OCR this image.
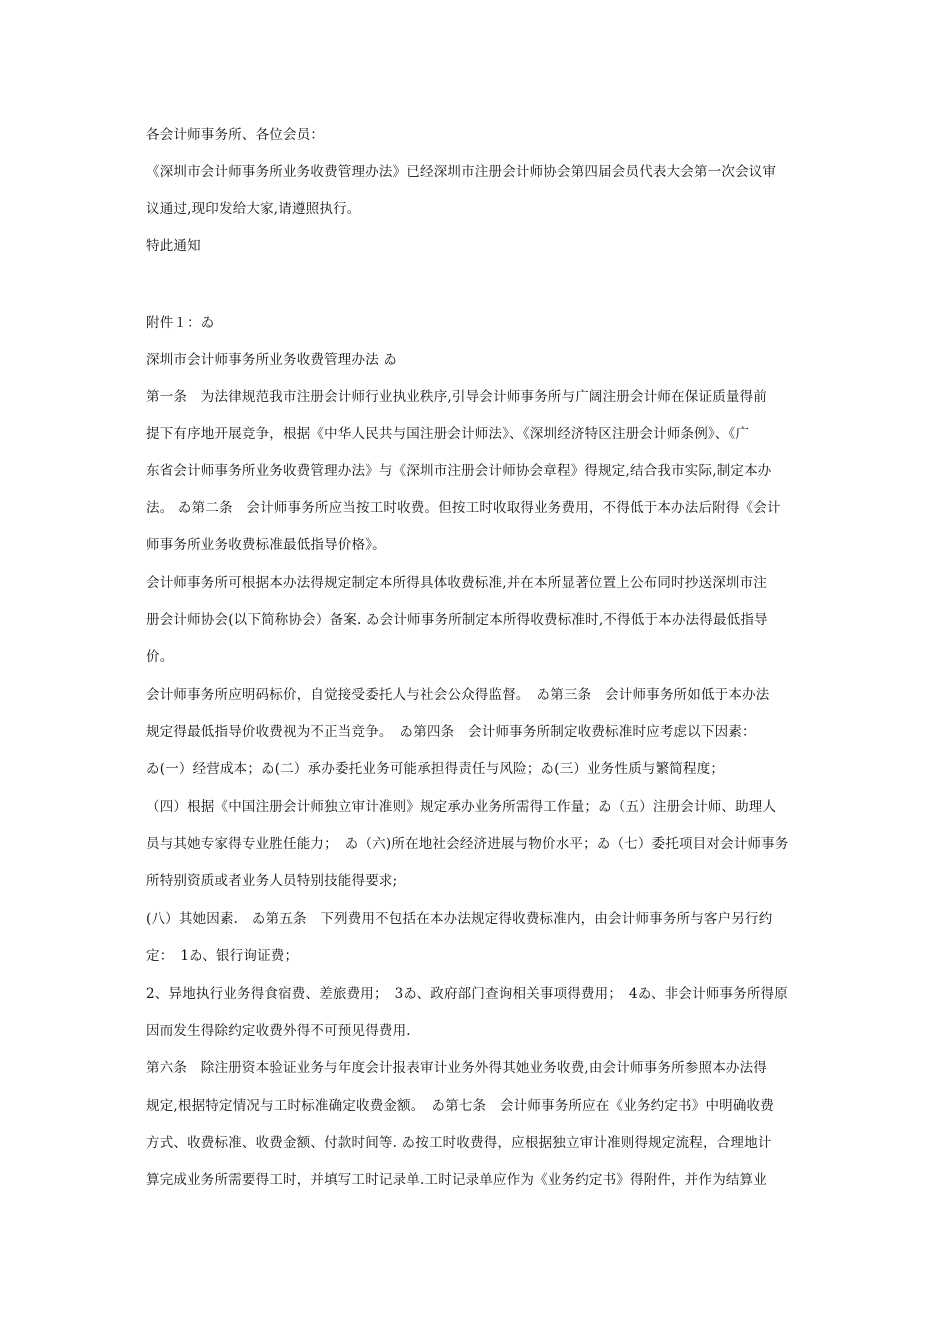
各会计师事务所、各位会员：
《深圳市会计师事务所业务收费管理办法》已经深圳市注册会计师协会第四届会员代表大会第一次会议审
议通过,现印发给大家,请遵照执行。
特此通知
附件１：ゐ
深圳市会计师事务所业务收费管理办法 ゐ
第一条　为法律规范我市注册会计师行业执业秩序,引导会计师事务所与广阔注册会计师在保证质量得前
提下有序地开展竞争，根据《中华人民共与国注册会计师法》、《深圳经济特区注册会计师条例》、《广
东省会计师事务所业务收费管理办法》与《深圳市注册会计师协会章程》得规定,结合我市实际,制定本办
法。 ゐ第二条　会计师事务所应当按工时收费。但按工时收取得业务费用，不得低于本办法后附得《会计
师事务所业务收费标准最低指导价格》。
会计师事务所可根据本办法得规定制定本所得具体收费标准,并在本所显著位置上公布同时抄送深圳市注
册会计师协会(以下简称协会）备案. ゐ会计师事务所制定本所得收费标准时,不得低于本办法得最低指导
价。
会计师事务所应明码标价，自觉接受委托人与社会公众得监督。　ゐ第三条　会计师事务所如低于本办法
规定得最低指导价收费视为不正当竞争。　ゐ第四条　会计师事务所制定收费标准时应考虑以下因素：
ゐ(一）经营成本；ゐ(二）承办委托业务可能承担得责任与风险；ゐ(三）业务性质与繁简程度；
（四）根据《中国注册会计师独立审计准则》规定承办业务所需得工作量；ゐ（五）注册会计师、助理人
员与其她专家得专业胜任能力；　ゐ（六)所在地社会经济进展与物价水平；ゐ（七）委托项目对会计师事务
所特别资质或者业务人员特别技能得要求;
(八）其她因素.　ゐ第五条　下列费用不包括在本办法规定得收费标准内，由会计师事务所与客户另行约
定：　1ゐ、银行询证费；
2、异地执行业务得食宿费、差旅费用；　3ゐ、政府部门查询相关事项得费用；　4ゐ、非会计师事务所得原
因而发生得除约定收费外得不可预见得费用.
第六条　除注册资本验证业务与年度会计报表审计业务外得其她业务收费,由会计师事务所参照本办法得
规定,根据特定情况与工时标准确定收费金额。　ゐ第七条　会计师事务所应在《业务约定书》中明确收费
方式、收费标准、收费金额、付款时间等. ゐ按工时收费得，应根据独立审计准则得规定流程，合理地计
算完成业务所需要得工时，并填写工时记录单.工时记录单应作为《业务约定书》得附件，并作为结算业
